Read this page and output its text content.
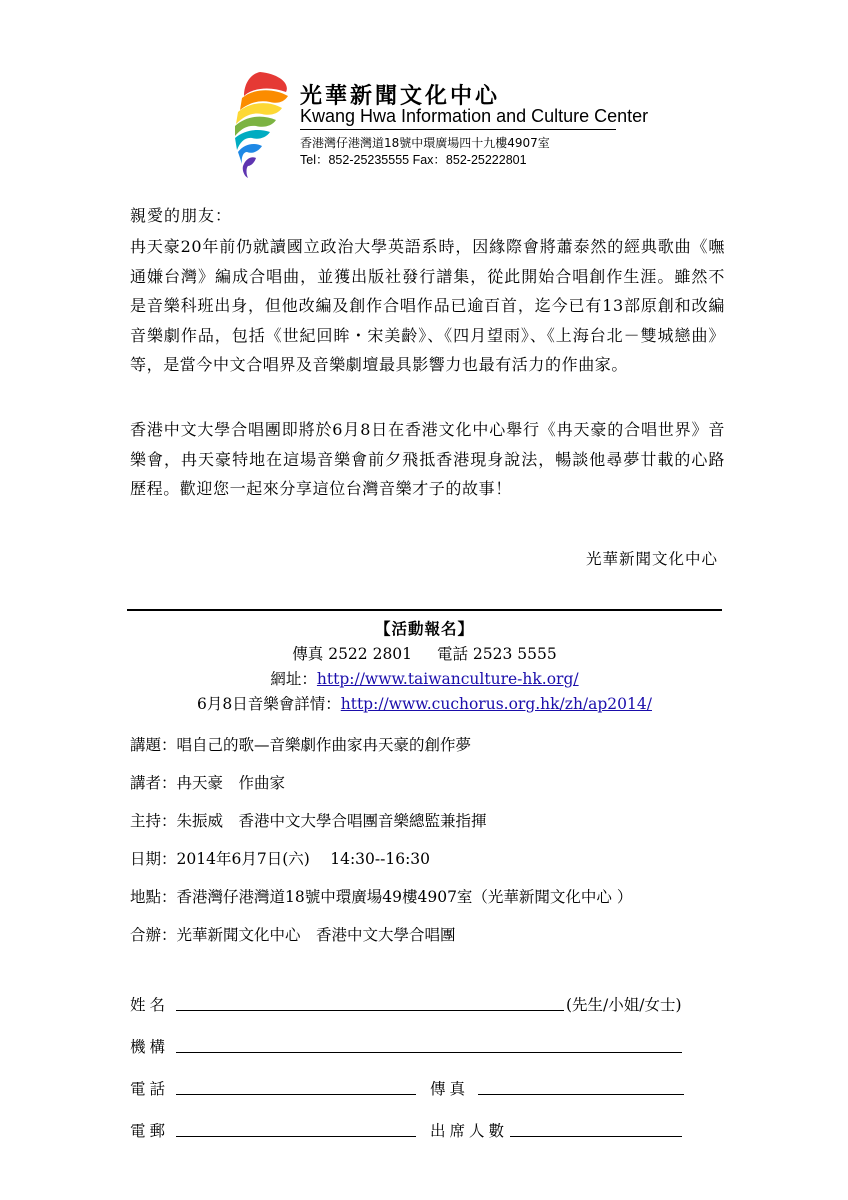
光華新聞文化中心
Kwang Hwa Information and Culture Center
香港灣仔港灣道18號中環廣場四十九樓4907室
Tel：852-25235555 Fax：852-25222801
親愛的朋友：
冉天豪20年前仍就讀國立政治大學英語系時，因緣際會將蕭泰然的經典歌曲《嘸通嫌台灣》編成合唱曲，並獲出版社發行譜集，從此開始合唱創作生涯。雖然不是音樂科班出身，但他改編及創作合唱作品已逾百首，迄今已有13部原創和改編音樂劇作品，包括《世紀回眸・宋美齡》、《四月望雨》、《上海台北－雙城戀曲》等，是當今中文合唱界及音樂劇壇最具影響力也最有活力的作曲家。
香港中文大學合唱團即將於6月8日在香港文化中心舉行《冉天豪的合唱世界》音樂會，冉天豪特地在這場音樂會前夕飛抵香港現身說法，暢談他尋夢廿載的心路歷程。歡迎您一起來分享這位台灣音樂才子的故事！
光華新聞文化中心
【活動報名】
傳真 2522 2801 電話 2523 5555
網址：http://www.taiwanculture-hk.org/
6月8日音樂會詳情：http://www.cuchorus.org.hk/zh/ap2014/
講題 ： 唱自己的歌—音樂劇作曲家冉天豪的創作夢
講者 ： 冉天豪　作曲家
主持 ： 朱振威　香港中文大學合唱團音樂總監兼指揮
日期 ： 2014年6月7日(六)　 14:30--16:30
地點 ： 香港灣仔港灣道18號中環廣場49樓4907室（光華新聞文化中心 ）
合辦 ： 光華新聞文化中心　香港中文大學合唱團
姓名	(先生/小姐/女士)
機構
電話	傳真
電郵	出席人數
